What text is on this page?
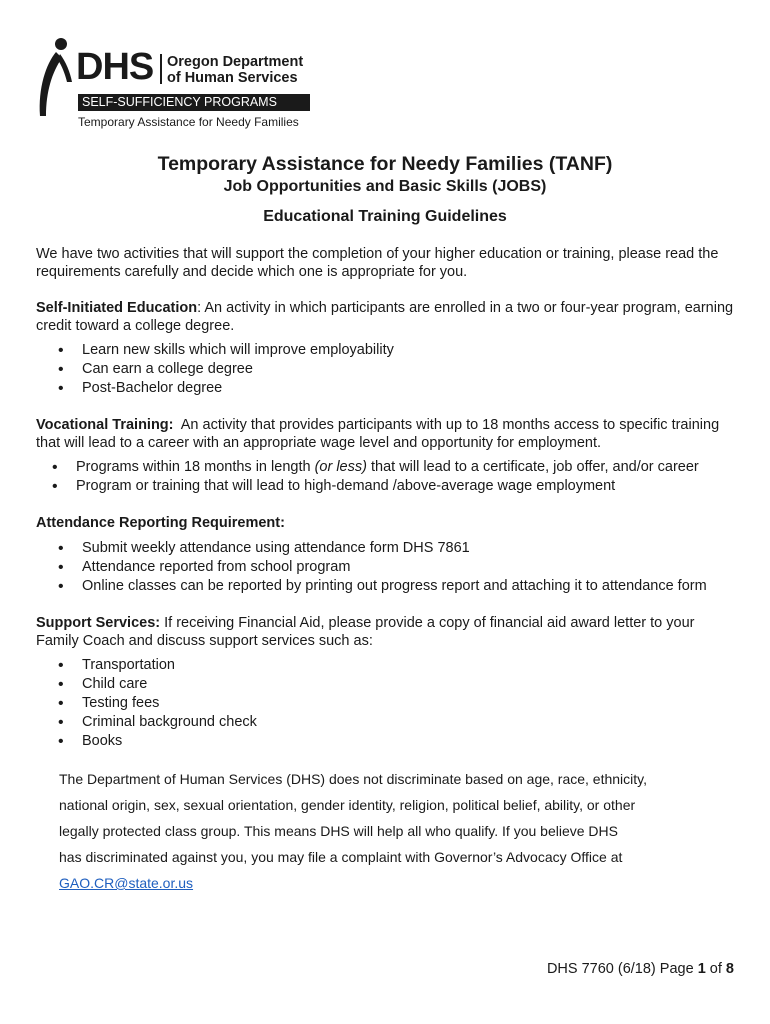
DHS Oregon Department
of Human Services
SELF-SUFFICIENCY PROGRAMS
Temporary Assistance for Needy Families
Temporary Assistance for Needy Families (TANF)
Job Opportunities and Basic Skills (JOBS)
Educational Training Guidelines
We have two activities that will support the completion of your higher education or training, please read the requirements carefully and decide which one is appropriate for you.
Self-Initiated Education: An activity in which participants are enrolled in a two or four-year program, earning credit toward a college degree.
• Learn new skills which will improve employability
• Can earn a college degree
• Post-Bachelor degree
Vocational Training:  An activity that provides participants with up to 18 months access to specific training that will lead to a career with an appropriate wage level and opportunity for employment.
• Programs within 18 months in length (or less) that will lead to a certificate, job offer, and/or career
• Program or training that will lead to high-demand /above-average wage employment
Attendance Reporting Requirement:
• Submit weekly attendance using attendance form DHS 7861
• Attendance reported from school program
• Online classes can be reported by printing out progress report and attaching it to attendance form
Support Services: If receiving Financial Aid, please provide a copy of financial aid award letter to your Family Coach and discuss support services such as:
• Transportation
• Child care
• Testing fees
• Criminal background check
• Books
The Department of Human Services (DHS) does not discriminate based on age, race, ethnicity,
national origin, sex, sexual orientation, gender identity, religion, political belief, ability, or other
legally protected class group. This means DHS will help all who qualify. If you believe DHS
has discriminated against you, you may file a complaint with Governor’s Advocacy Office at
GAO.CR@state.or.us
DHS 7760 (6/18) Page 1 of 8
